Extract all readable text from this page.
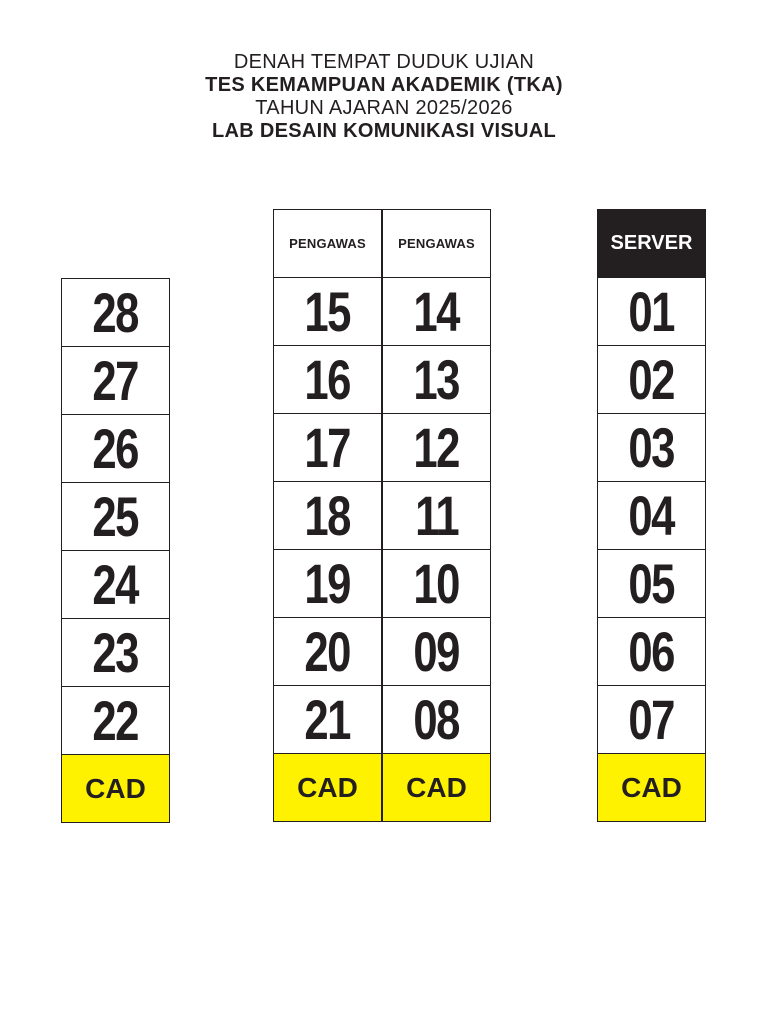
DENAH TEMPAT DUDUK UJIAN
TES KEMAMPUAN AKADEMIK (TKA)
TAHUN AJARAN 2025/2026
LAB DESAIN KOMUNIKASI VISUAL
28
27
26
25
24
23
22
CAD
PENGAWAS
15
16
17
18
19
20
21
CAD
PENGAWAS
14
13
12
11
10
09
08
CAD
SERVER
01
02
03
04
05
06
07
CAD
